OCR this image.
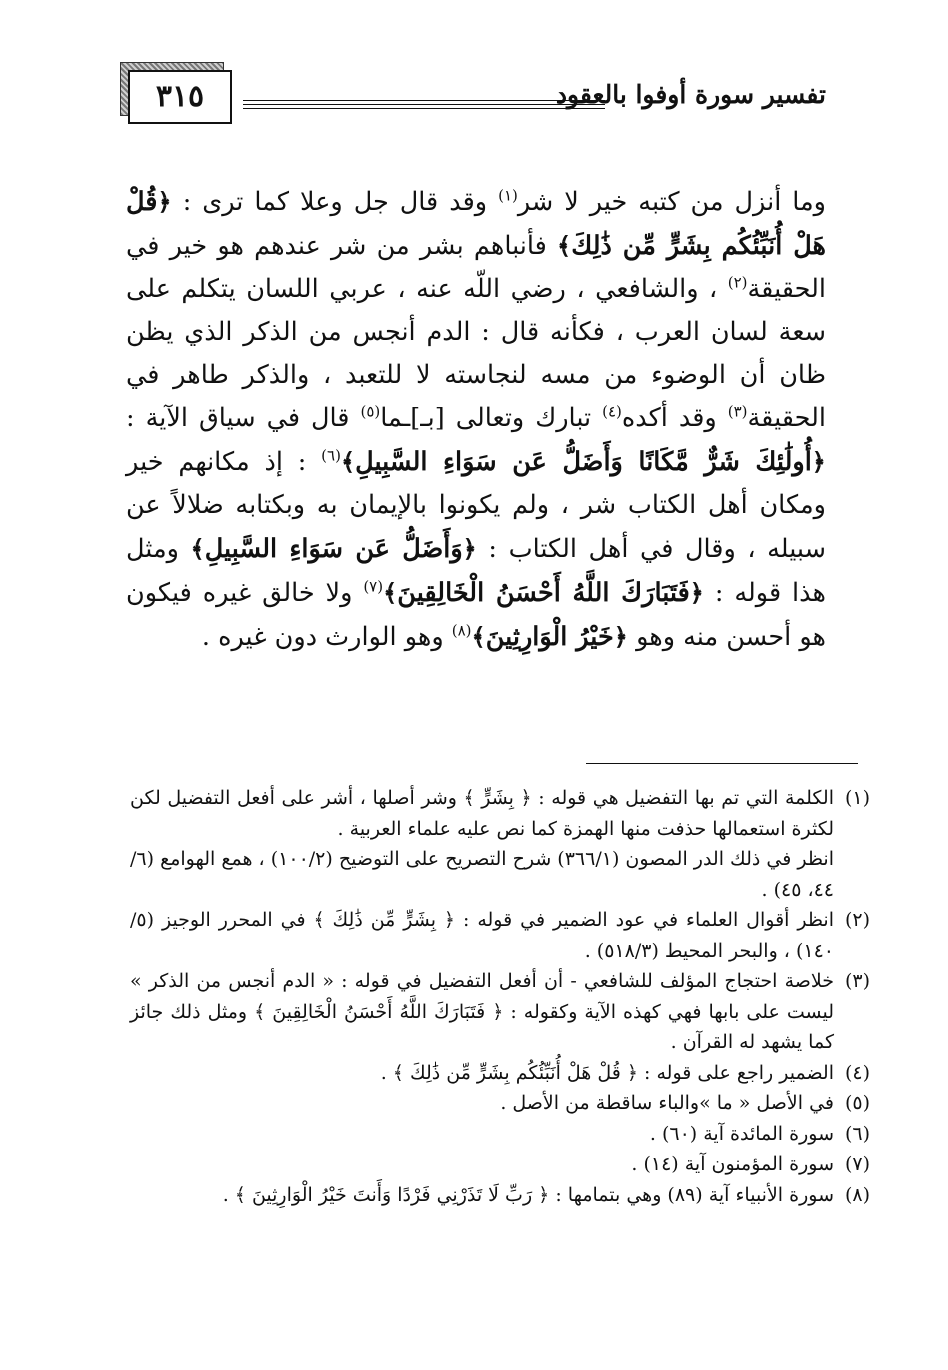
تفسير سورة أوفوا بالعقود
٣١٥

وما أنزل من كتبه خير لا شر$^{(١)}$ وقد قال جل وعلا كما ترى : ﴿قُلْ هَلْ أُنَبِّئُكُم بِشَرٍّ مِّن ذَٰلِكَ﴾ فأنباهم بشر من شر عندهم هو خير في الحقيقة$^{(٢)}$ ، والشافعي ، رضي اللّه عنه ، عربي اللسان يتكلم على سعة لسان العرب ، فكأنه قال : الدم أنجس من الذكر الذي يظن ظان أن الوضوء من مسه لنجاسته لا للتعبد ، والذكر طاهر في الحقيقة$^{(٣)}$ وقد أكده$^{(٤)}$ تبارك وتعالى [بـ]ـما$^{(٥)}$ قال في سياق الآية : ﴿أُولَٰئِكَ شَرٌّ مَّكَانًا وَأَضَلُّ عَن سَوَاءِ السَّبِيلِ﴾$^{(٦)}$ : إذ مكانهم خير ومكان أهل الكتاب شر ، ولم يكونوا بالإيمان به وبكتابه ضلالاً عن سبيله ، وقال في أهل الكتاب : ﴿وَأَضَلُّ عَن سَوَاءِ السَّبِيلِ﴾ ومثل هذا قوله : ﴿فَتَبَارَكَ اللَّهُ أَحْسَنُ الْخَالِقِينَ﴾$^{(٧)}$ ولا خالق غيره فيكون هو أحسن منه وهو ﴿خَيْرُ الْوَارِثِينَ﴾$^{(٨)}$ وهو الوارث دون غيره .

(١)
الكلمة التي تم بها التفضيل هي قوله : ﴿ بِشَرٍّ ﴾ وشر أصلها ، أشر على أفعل التفضيل لكن لكثرة استعمالها حذفت منها الهمزة كما نص عليه علماء العربية .
انظر في ذلك الدر المصون (٣٦٦/١) شرح التصريح على التوضيح (١٠٠/٢) ، همع الهوامع (٦/ ٤٤، ٤٥) .
(٢)
انظر أقوال العلماء في عود الضمير في قوله : ﴿ بِشَرٍّ مِّن ذَٰلِكَ ﴾ في المحرر الوجيز (٥/ ١٤٠) ، والبحر المحيط (٥١٨/٣) .
(٣)
خلاصة احتجاج المؤلف للشافعي - أن أفعل التفضيل في قوله : « الدم أنجس من الذكر » ليست على بابها فهي كهذه الآية وكقوله : ﴿ فَتَبَارَكَ اللَّهُ أَحْسَنُ الْخَالِقِينَ ﴾ ومثل ذلك جائز كما يشهد له القرآن .
(٤)
الضمير راجع على قوله : ﴿ قُلْ هَلْ أُنَبِّئُكُم بِشَرٍّ مِّن ذَٰلِكَ ﴾ .
(٥)
في الأصل « ما »والباء ساقطة من الأصل .
(٦)
سورة المائدة آية (٦٠) .
(٧)
سورة المؤمنون آية (١٤) .
(٨)
سورة الأنبياء آية (٨٩) وهي بتمامها : ﴿ رَبِّ لَا تَذَرْنِي فَرْدًا وَأَنتَ خَيْرُ الْوَارِثِينَ ﴾ .
